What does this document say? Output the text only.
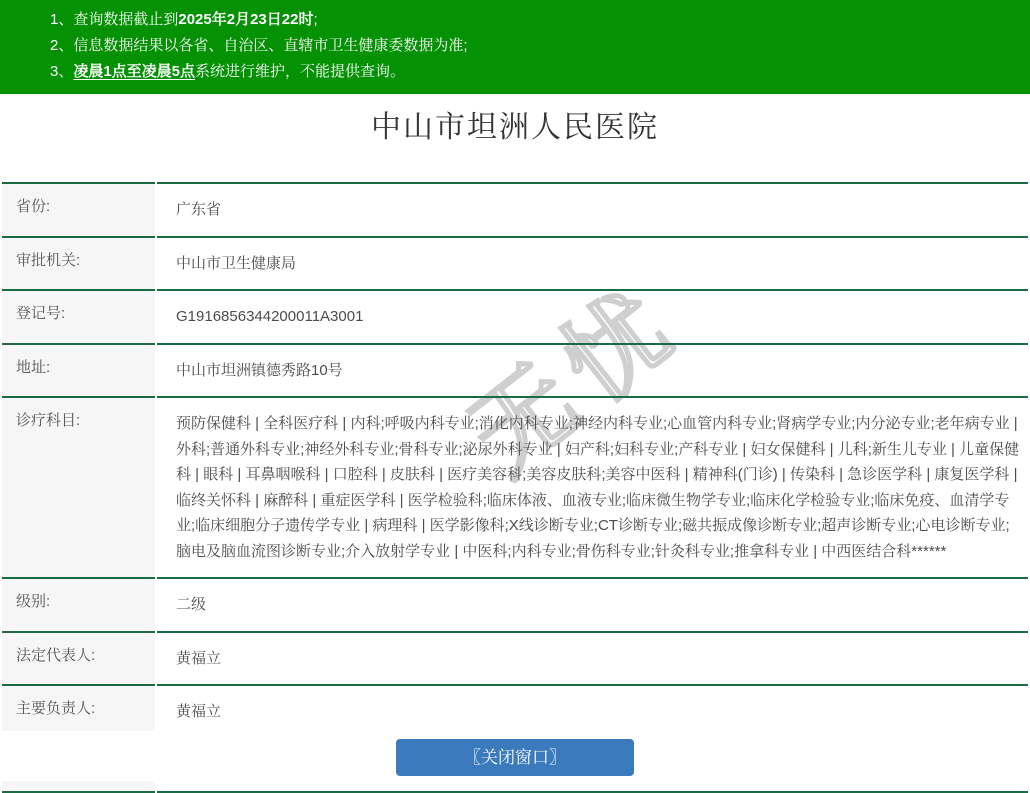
无忧
1、查询数据截止到2025年2月23日22时;
2、信息数据结果以各省、自治区、直辖市卫生健康委数据为准;
3、凌晨1点至凌晨5点系统进行维护，不能提供查询。
中山市坦洲人民医院
省份:	广东省
审批机关:	中山市卫生健康局
登记号:	G1916856344200011A3001
地址:	中山市坦洲镇德秀路10号
诊疗科目:	预防保健科 | 全科医疗科 | 内科;呼吸内科专业;消化内科专业;神经内科专业;心血管内科专业;肾病学专业;内分泌专业;老年病专业 | 外科;普通外科专业;神经外科专业;骨科专业;泌尿外科专业 | 妇产科;妇科专业;产科专业 | 妇女保健科 | 儿科;新生儿专业 | 儿童保健科 | 眼科 | 耳鼻咽喉科 | 口腔科 | 皮肤科 | 医疗美容科;美容皮肤科;美容中医科 | 精神科(门诊) | 传染科 | 急诊医学科 | 康复医学科 | 临终关怀科 | 麻醉科 | 重症医学科 | 医学检验科;临床体液、血液专业;临床微生物学专业;临床化学检验专业;临床免疫、血清学专业;临床细胞分子遗传学专业 | 病理科 | 医学影像科;X线诊断专业;CT诊断专业;磁共振成像诊断专业;超声诊断专业;心电诊断专业;脑电及脑血流图诊断专业;介入放射学专业 | 中医科;内科专业;骨伤科专业;针灸科专业;推拿科专业 | 中西医结合科******
级别:	二级
法定代表人:	黄福立
主要负责人:	黄福立

〖关闭窗口〗
